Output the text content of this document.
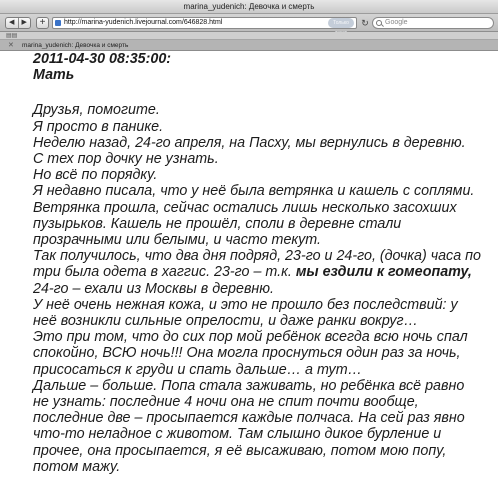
marina_yudenich: Девочка и смерть
◀	▶	+	http://marina-yudenich.livejournal.com/646828.html	Только	↻	Google
▤▤
✕ marina_yudenich: Девочка и смерть
2011-04-30 08:35:00:
Мать
Друзья, помогите.
Я просто в панике.
Неделю назад, 24-го апреля, на Пасху, мы вернулись в деревню.
С тех пор дочку не узнать.
Но всё по порядку.
Я недавно писала, что у неё была ветрянка и кашель с соплями.
Ветрянка прошла, сейчас остались лишь несколько засохших
пузырьков. Кашель не прошёл, споли в деревне стали
прозрачными или белыми, и часто текут.
Так получилось, что два дня подряд, 23-го и 24-го, (дочка) часа по
три была одета в хаггис. 23-го – т.к. мы ездили к гомеопату,
24-го – ехали из Москвы в деревню.
У неё очень нежная кожа, и это не прошло без последствий: у
неё возникли сильные опрелости, и даже ранки вокруг…
Это при том, что до сих пор мой ребёнок всегда всю ночь спал
спокойно, ВСЮ ночь!!! Она могла проснуться один раз за ночь,
присосаться к груди и спать дальше… а тут…
Дальше – больше. Попа стала заживать, но ребёнка всё равно
не узнать: последние 4 ночи она не спит почти вообще,
последние две – просыпается каждые полчаса. На сей раз явно
что-то неладное с животом. Там слышно дикое бурление и
прочее, она просыпается, я её высаживаю, потом мою попу,
потом мажу.
